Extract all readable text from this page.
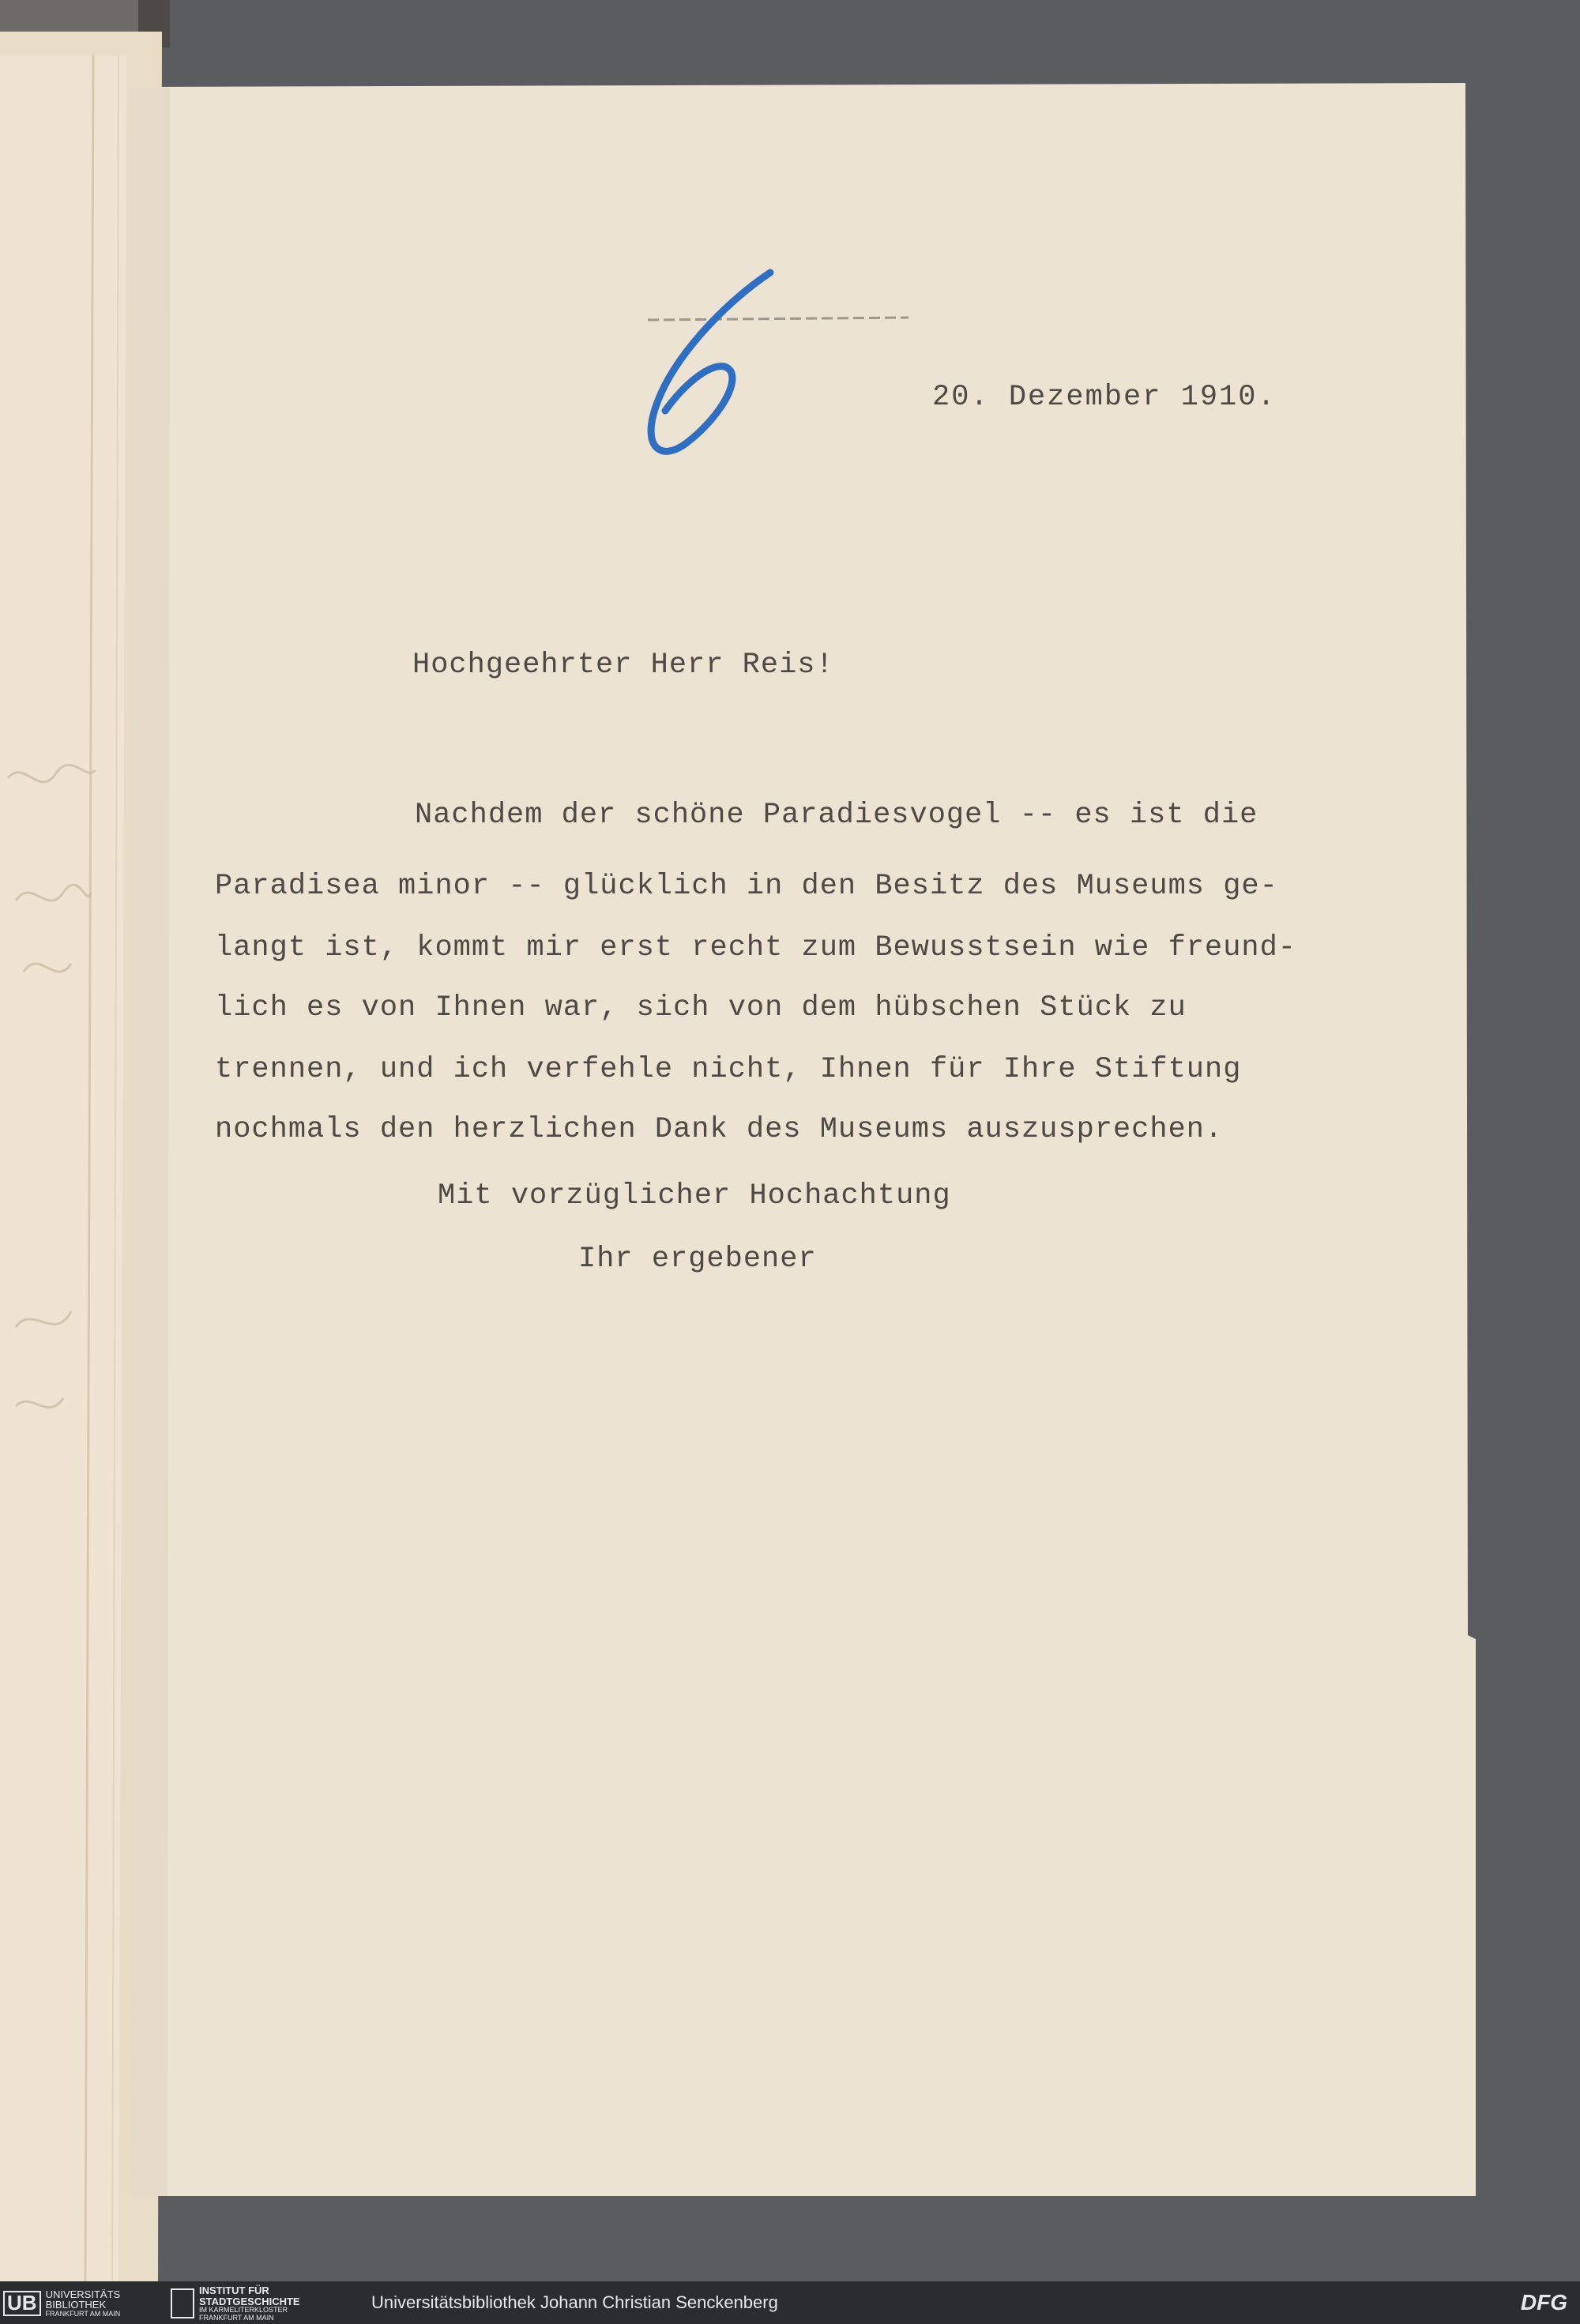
20. Dezember 1910.

Hochgeehrter Herr Reis!

Nachdem der schöne Paradiesvogel -- es ist die

Paradisea minor -- glücklich in den Besitz des Museums ge-

langt ist, kommt mir erst recht zum Bewusstsein wie freund-

lich es von Ihnen war, sich von dem hübschen Stück zu

trennen, und ich verfehle nicht, Ihnen für Ihre Stiftung

nochmals den herzlichen Dank des Museums auszusprechen.

Mit vorzüglicher Hochachtung

Ihr ergebener

UB UNIVERSITÄTS
BIBLIOTHEK
FRANKFURT AM MAIN
INSTITUT FÜR
STADTGESCHICHTE
IM KARMELITERKLOSTER
FRANKFURT AM MAIN
Universitätsbibliothek Johann Christian Senckenberg	DFG
